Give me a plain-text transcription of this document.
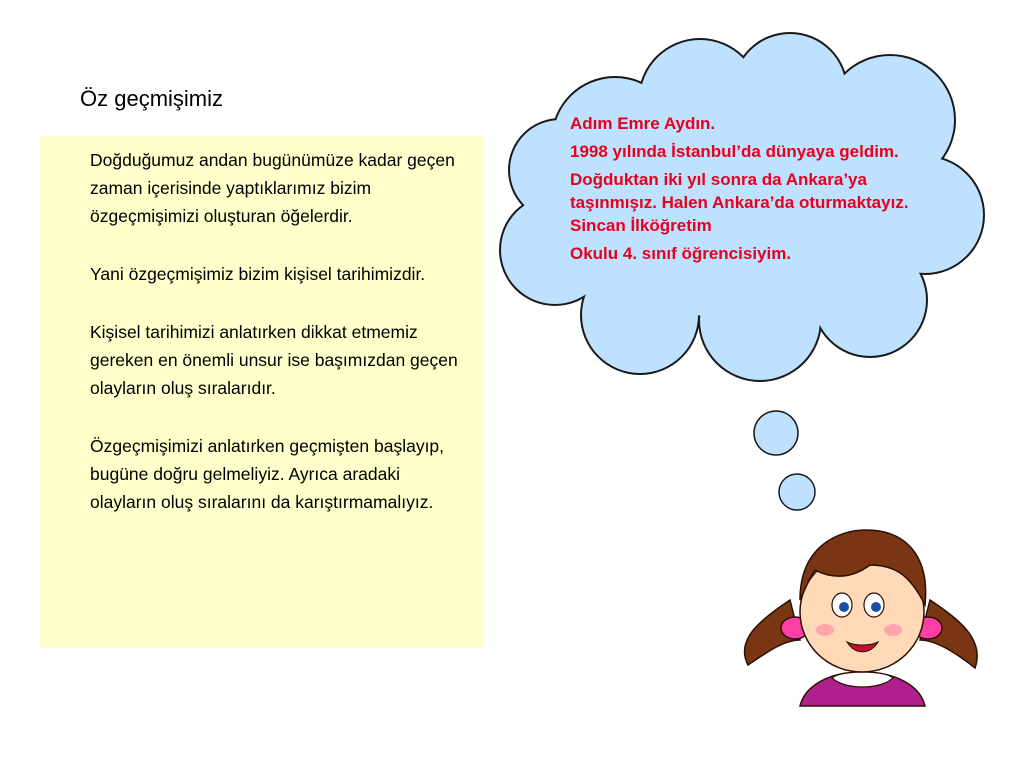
Öz geçmişimiz

Doğduğumuz andan bugünümüze kadar geçen zaman içerisinde yaptıklarımız bizim özgeçmişimizi oluşturan öğelerdir.

Yani özgeçmişimiz bizim kişisel tarihimizdir.

Kişisel tarihimizi anlatırken dikkat etmemiz gereken en önemli unsur ise başımızdan geçen olayların oluş sıralarıdır.

Özgeçmişimizi anlatırken geçmişten başlayıp, bugüne doğru gelmeliyiz. Ayrıca aradaki olayların oluş sıralarını da karıştırmamalıyız.

Adım Emre Aydın.

1998 yılında İstanbul’da dünyaya geldim.

Doğduktan iki yıl sonra da Ankara’ya taşınmışız. Halen Ankara’da oturmaktayız. Sincan İlköğretim

Okulu 4. sınıf öğrencisiyim.
